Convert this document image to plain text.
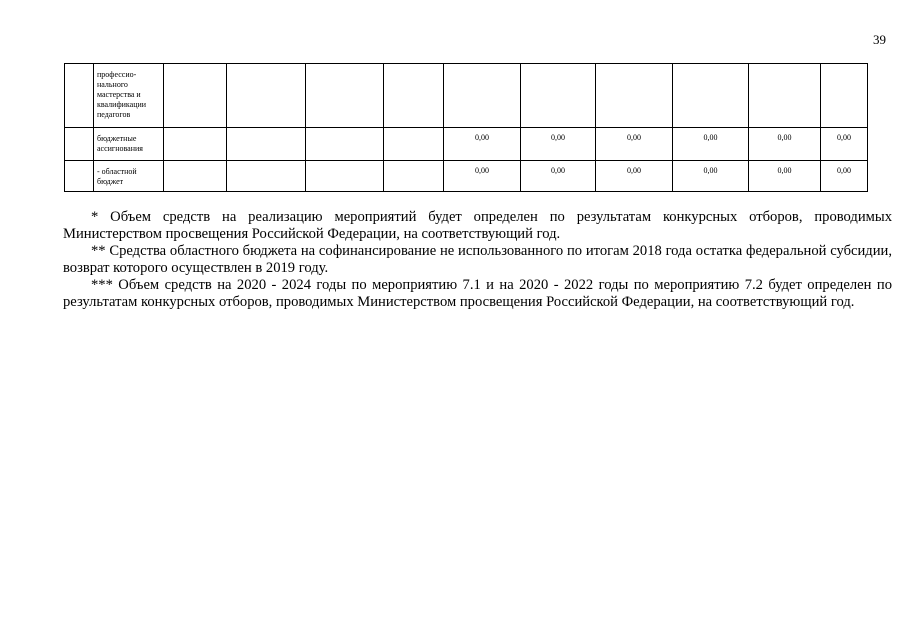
39
	профессио-
нального
мастерства и
квалификации
педагогов										
	бюджетные
ассигнования					0,00	0,00	0,00	0,00	0,00	0,00
	- областной
бюджет					0,00	0,00	0,00	0,00	0,00	0,00

* Объем средств на реализацию мероприятий будет определен по результатам конкурсных отборов, проводимых Министерством просвещения Российской Федерации, на соответствующий год.

** Средства областного бюджета на софинансирование не использованного по итогам 2018 года остатка федеральной субсидии, возврат которого осуществлен в 2019 году.

*** Объем средств на 2020 - 2024 годы по мероприятию 7.1 и на 2020 - 2022 годы по мероприятию 7.2 будет определен по результатам конкурсных отборов, проводимых Министерством просвещения Российской Федерации, на соответствующий год.
